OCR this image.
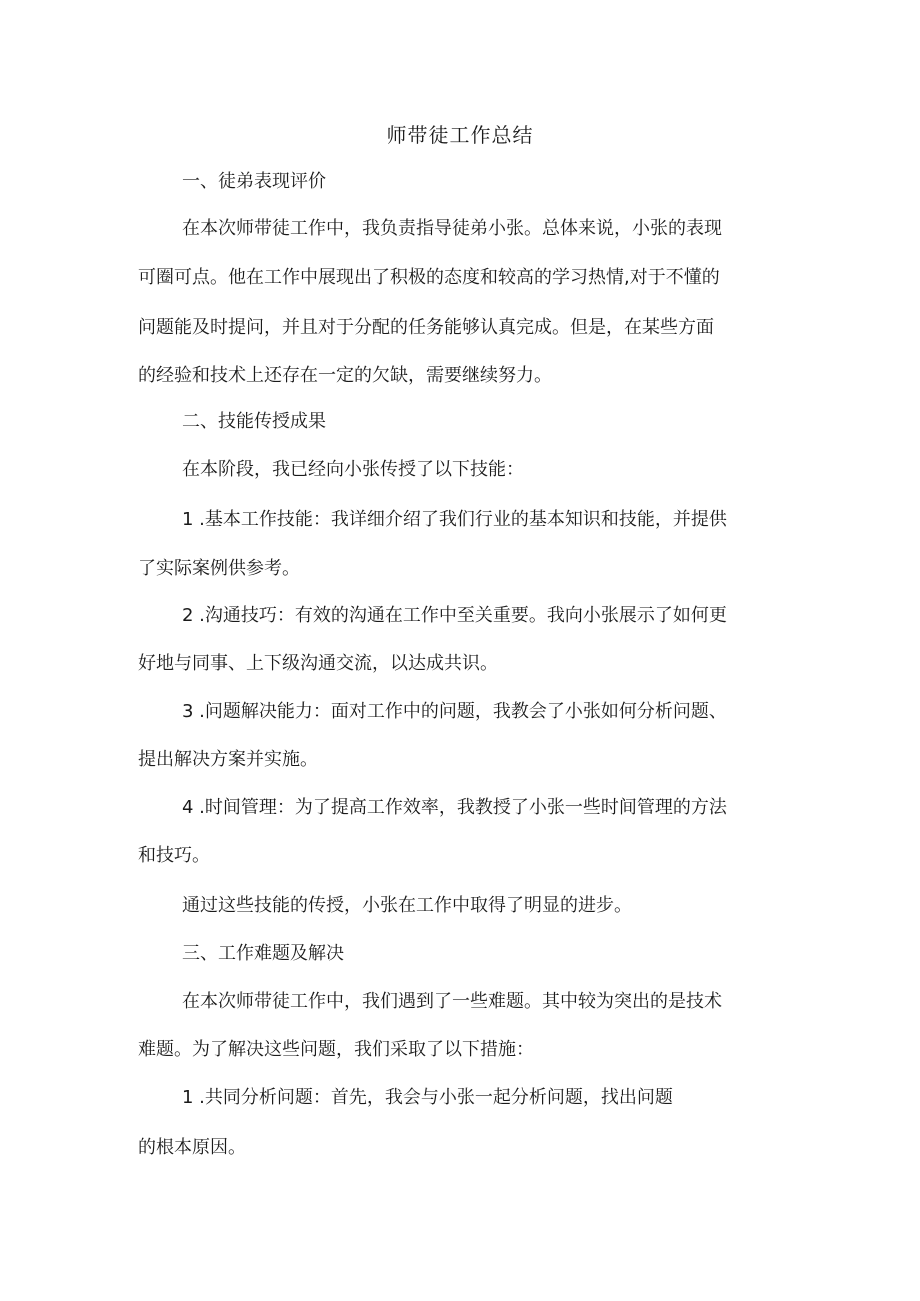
师带徒工作总结
一、徒弟表现评价
在本次师带徒工作中，我负责指导徒弟小张。总体来说，小张的表现
可圈可点。他在工作中展现出了积极的态度和较高的学习热情,对于不懂的
问题能及时提问，并且对于分配的任务能够认真完成。但是，在某些方面
的经验和技术上还存在一定的欠缺，需要继续努力。
二、技能传授成果
在本阶段，我已经向小张传授了以下技能：
1 .基本工作技能：我详细介绍了我们行业的基本知识和技能，并提供
了实际案例供参考。
2 .沟通技巧：有效的沟通在工作中至关重要。我向小张展示了如何更
好地与同事、上下级沟通交流，以达成共识。
3 .问题解决能力：面对工作中的问题，我教会了小张如何分析问题、
提出解决方案并实施。
4 .时间管理：为了提高工作效率，我教授了小张一些时间管理的方法
和技巧。
通过这些技能的传授，小张在工作中取得了明显的进步。
三、工作难题及解决
在本次师带徒工作中，我们遇到了一些难题。其中较为突出的是技术
难题。为了解决这些问题，我们采取了以下措施：
1 .共同分析问题：首先，我会与小张一起分析问题，找出问题
的根本原因。
